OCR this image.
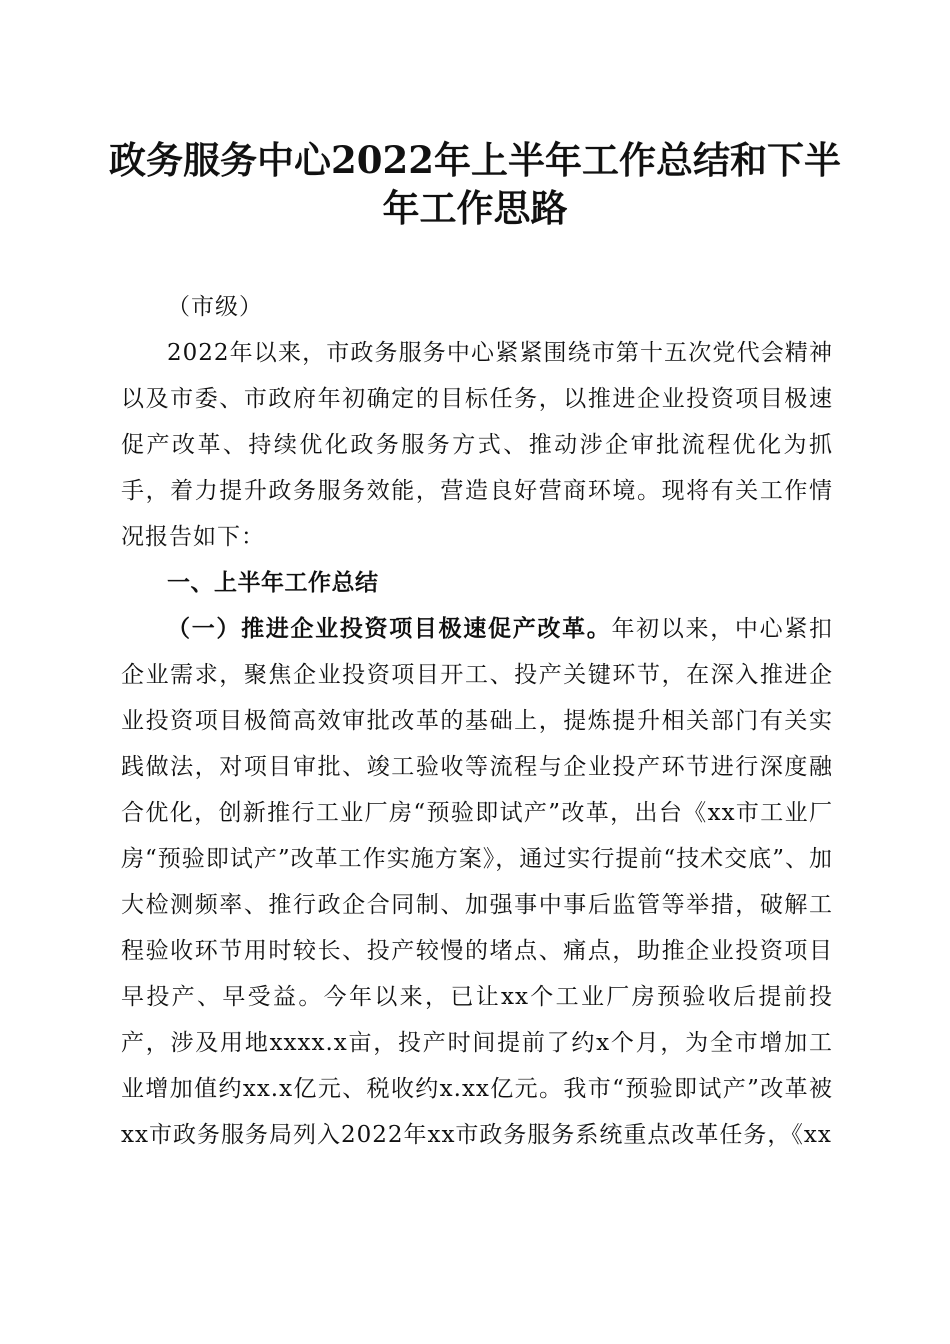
政务服务中心2022年上半年工作总结和下半
年工作思路

（市级）

2022年以来，市政务服务中心紧紧围绕市第十五次党代会精神以及市委、市政府年初确定的目标任务，以推进企业投资项目极速促产改革、持续优化政务服务方式、推动涉企审批流程优化为抓手，着力提升政务服务效能，营造良好营商环境。现将有关工作情况报告如下：

一、上半年工作总结

（一）推进企业投资项目极速促产改革。年初以来，中心紧扣企业需求，聚焦企业投资项目开工、投产关键环节，在深入推进企业投资项目极简高效审批改革的基础上，提炼提升相关部门有关实践做法，对项目审批、竣工验收等流程与企业投产环节进行深度融合优化，创新推行工业厂房“预验即试产”改革，出台《xx市工业厂房“预验即试产”改革工作实施方案》，通过实行提前“技术交底”、加大检测频率、推行政企合同制、加强事中事后监管等举措，破解工程验收环节用时较长、投产较慢的堵点、痛点，助推企业投资项目早投产、早受益。今年以来，已让xx个工业厂房预验收后提前投产，涉及用地xxxx.x亩，投产时间提前了约x个月，为全市增加工业增加值约xx.x亿元、税收约x.xx亿元。我市“预验即试产”改革被xx市政务服务局列入2022年xx市政务服务系统重点改革任务，《xx
